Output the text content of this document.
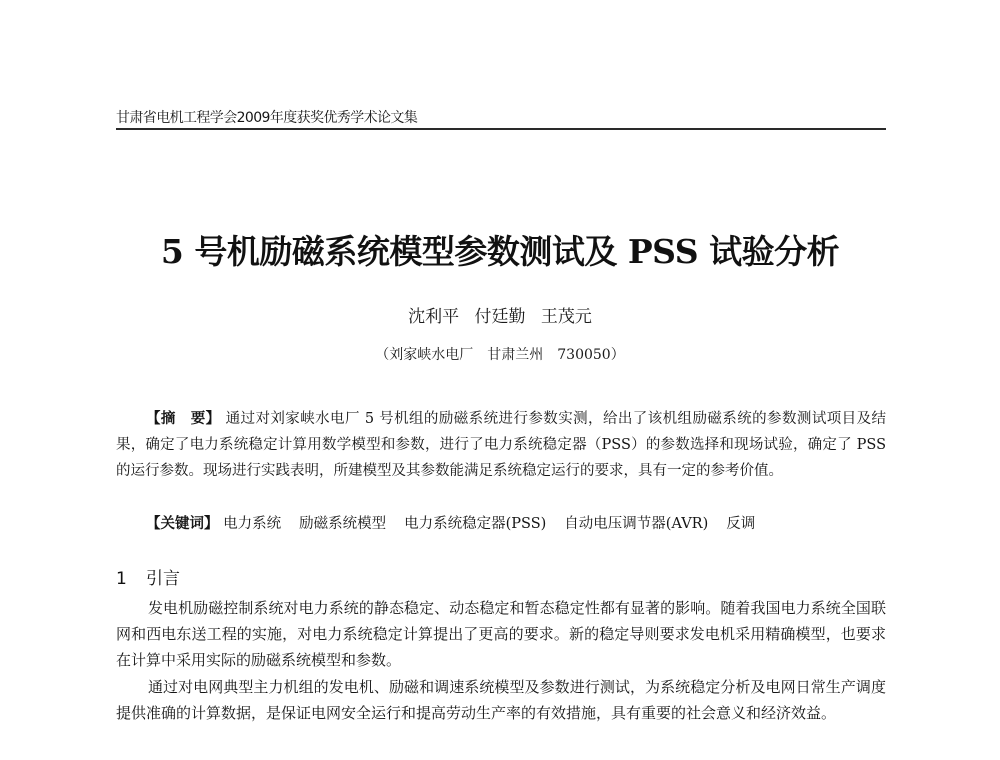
甘肃省电机工程学会2009年度获奖优秀学术论文集
5 号机励磁系统模型参数测试及 PSS 试验分析
沈利平 付廷勤 王茂元
（刘家峡水电厂　甘肃兰州　730050）

【摘　要】 通过对刘家峡水电厂 5 号机组的励磁系统进行参数实测，给出了该机组励磁系统的参数测试项目及结果，确定了电力系统稳定计算用数学模型和参数，进行了电力系统稳定器（PSS）的参数选择和现场试验，确定了 PSS 的运行参数。现场进行实践表明，所建模型及其参数能满足系统稳定运行的要求，具有一定的参考价值。

【关键词】 电力系统 励磁系统模型 电力系统稳定器(PSS) 自动电压调节器(AVR) 反调

1 引言

发电机励磁控制系统对电力系统的静态稳定、动态稳定和暂态稳定性都有显著的影响。随着我国电力系统全国联网和西电东送工程的实施，对电力系统稳定计算提出了更高的要求。新的稳定导则要求发电机采用精确模型，也要求在计算中采用实际的励磁系统模型和参数。

通过对电网典型主力机组的发电机、励磁和调速系统模型及参数进行测试，为系统稳定分析及电网日常生产调度提供准确的计算数据，是保证电网安全运行和提高劳动生产率的有效措施，具有重要的社会意义和经济效益。
